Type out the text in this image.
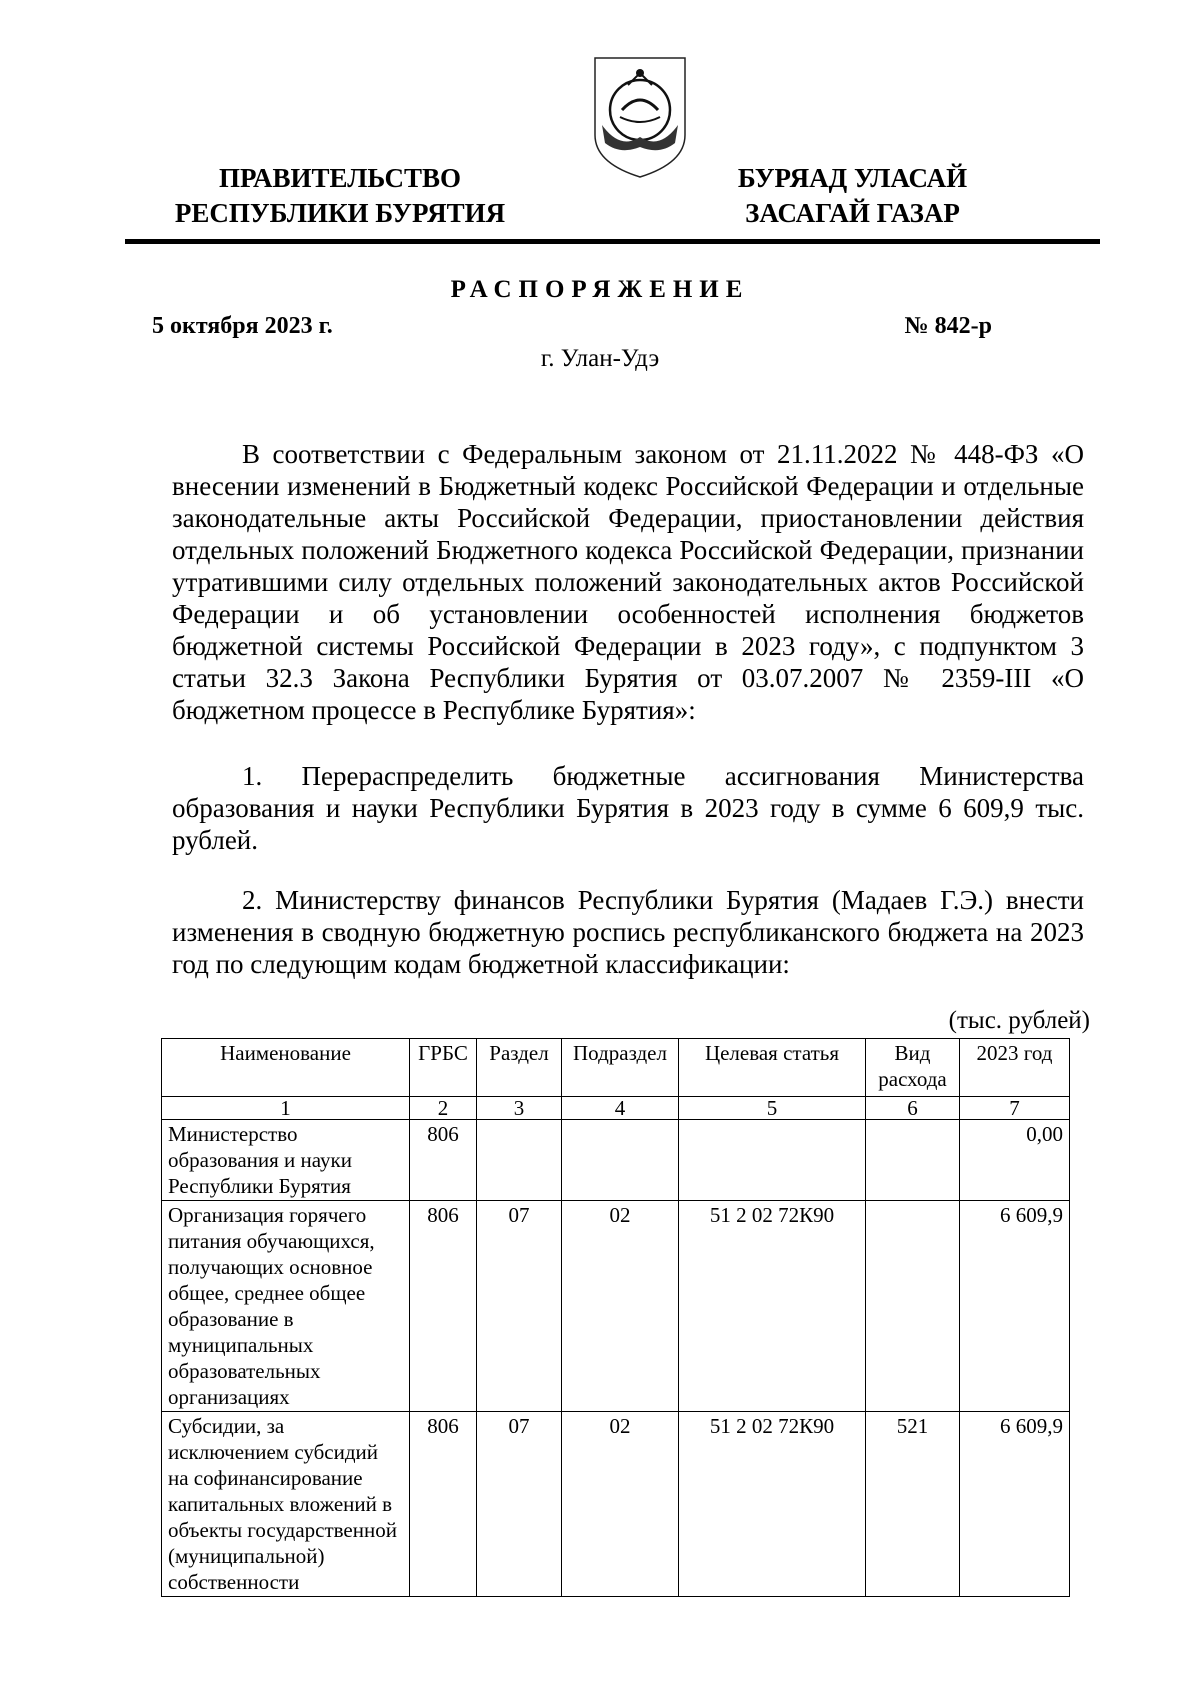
ПРАВИТЕЛЬСТВО
РЕСПУБЛИКИ БУРЯТИЯ
БУРЯАД УЛАСАЙ
ЗАСАГАЙ ГАЗАР
РАСПОРЯЖЕНИЕ
5 октября 2023 г.	№ 842-р
г. Улан-Удэ

В соответствии с Федеральным законом от 21.11.2022 № 448-ФЗ «О внесении изменений в Бюджетный кодекс Российской Федерации и отдельные законодательные акты Российской Федерации, приостановлении действия отдельных положений Бюджетного кодекса Российской Федерации, признании утратившими силу отдельных положений законодательных актов Российской Федерации и об установлении особенностей исполнения бюджетов бюджетной системы Российской Федерации в 2023 году», с подпунктом 3 статьи 32.3 Закона Республики Бурятия от 03.07.2007 № 2359-III «О бюджетном процессе в Республике Бурятия»:

1. Перераспределить бюджетные ассигнования Министерства образования и науки Республики Бурятия в 2023 году в сумме 6 609,9 тыс. рублей.

2. Министерству финансов Республики Бурятия (Мадаев Г.Э.) внести изменения в сводную бюджетную роспись республиканского бюджета на 2023 год по следующим кодам бюджетной классификации:

(тыс. рублей)
Наименование	ГРБС	Раздел	Подраздел	Целевая статья	Вид расхода	2023 год
1	2	3	4	5	6	7
Министерство образования и науки Республики Бурятия	806					0,00
Организация горячего питания обучающихся, получающих основное общее, среднее общее образование в муниципальных образовательных организациях	806	07	02	51 2 02 72К90		6 609,9
Субсидии, за исключением субсидий на софинансирование капитальных вложений в объекты государственной (муниципальной) собственности	806	07	02	51 2 02 72К90	521	6 609,9
